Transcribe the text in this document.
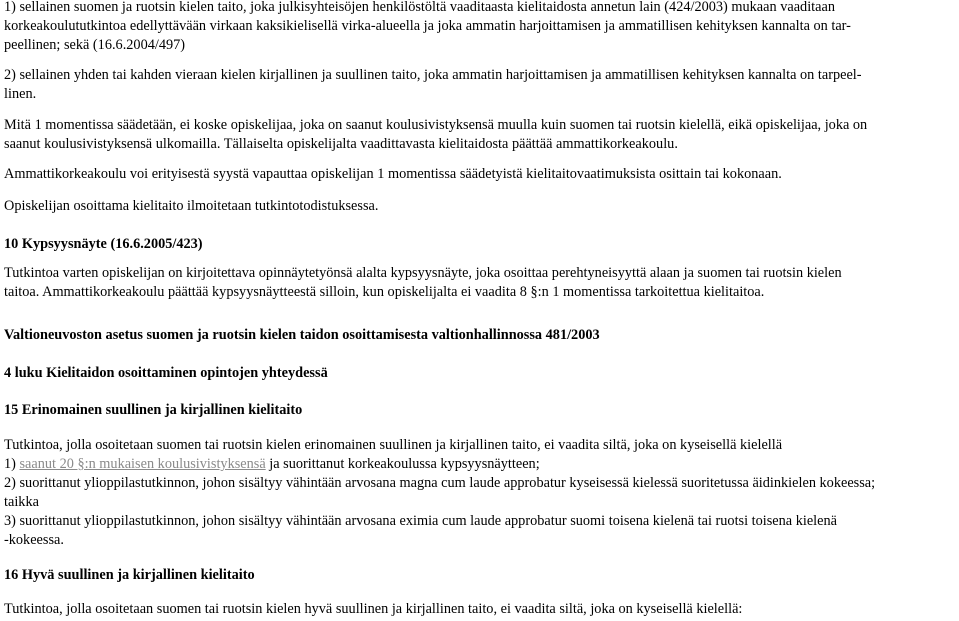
1) sellainen suomen ja ruotsin kielen taito, joka julkisyhteisöjen henkilöstöltä vaaditaasta kielitaidosta annetun lain (424/2003) mukaan vaaditaan
korkeakoulututkintoa edellyttävään virkaan kaksikielisellä virka-alueella ja joka ammatin harjoittamisen ja ammatillisen kehityksen kannalta on tar-
peellinen; sekä (16.6.2004/497)
2) sellainen yhden tai kahden vieraan kielen kirjallinen ja suullinen taito, joka ammatin harjoittamisen ja ammatillisen kehityksen kannalta on tarpeel-
linen.
Mitä 1 momentissa säädetään, ei koske opiskelijaa, joka on saanut koulusivistyksensä muulla kuin suomen tai ruotsin kielellä, eikä opiskelijaa, joka on
saanut koulusivistyksensä ulkomailla. Tällaiselta opiskelijalta vaadittavasta kielitaidosta päättää ammattikorkeakoulu.
Ammattikorkeakoulu voi erityisestä syystä vapauttaa opiskelijan 1 momentissa säädetyistä kielitaitovaatimuksista osittain tai kokonaan.
Opiskelijan osoittama kielitaito ilmoitetaan tutkintotodistuksessa.
10 Kypsyysnäyte (16.6.2005/423)
Tutkintoa varten opiskelijan on kirjoitettava opinnäytetyönsä alalta kypsyysnäyte, joka osoittaa perehtyneisyyttä alaan ja suomen tai ruotsin kielen
taitoa. Ammattikorkeakoulu päättää kypsyysnäytteestä silloin, kun opiskelijalta ei vaadita 8 §:n 1 momentissa tarkoitettua kielitaitoa.
Valtioneuvoston asetus suomen ja ruotsin kielen taidon osoittamisesta valtionhallinnossa 481/2003
4 luku Kielitaidon osoittaminen opintojen yhteydessä
15 Erinomainen suullinen ja kirjallinen kielitaito
Tutkintoa, jolla osoitetaan suomen tai ruotsin kielen erinomainen suullinen ja kirjallinen taito, ei vaadita siltä, joka on kyseisellä kielellä
1) saanut 20 §:n mukaisen koulusivistyksensä ja suorittanut korkeakoulussa kypsyysnäytteen;
2) suorittanut ylioppilastutkinnon, johon sisältyy vähintään arvosana magna cum laude approbatur kyseisessä kielessä suoritetussa äidinkielen kokeessa;
taikka
3) suorittanut ylioppilastutkinnon, johon sisältyy vähintään arvosana eximia cum laude approbatur suomi toisena kielenä tai ruotsi toisena kielenä
-kokeessa.
16 Hyvä suullinen ja kirjallinen kielitaito
Tutkintoa, jolla osoitetaan suomen tai ruotsin kielen hyvä suullinen ja kirjallinen taito, ei vaadita siltä, joka on kyseisellä kielellä:
